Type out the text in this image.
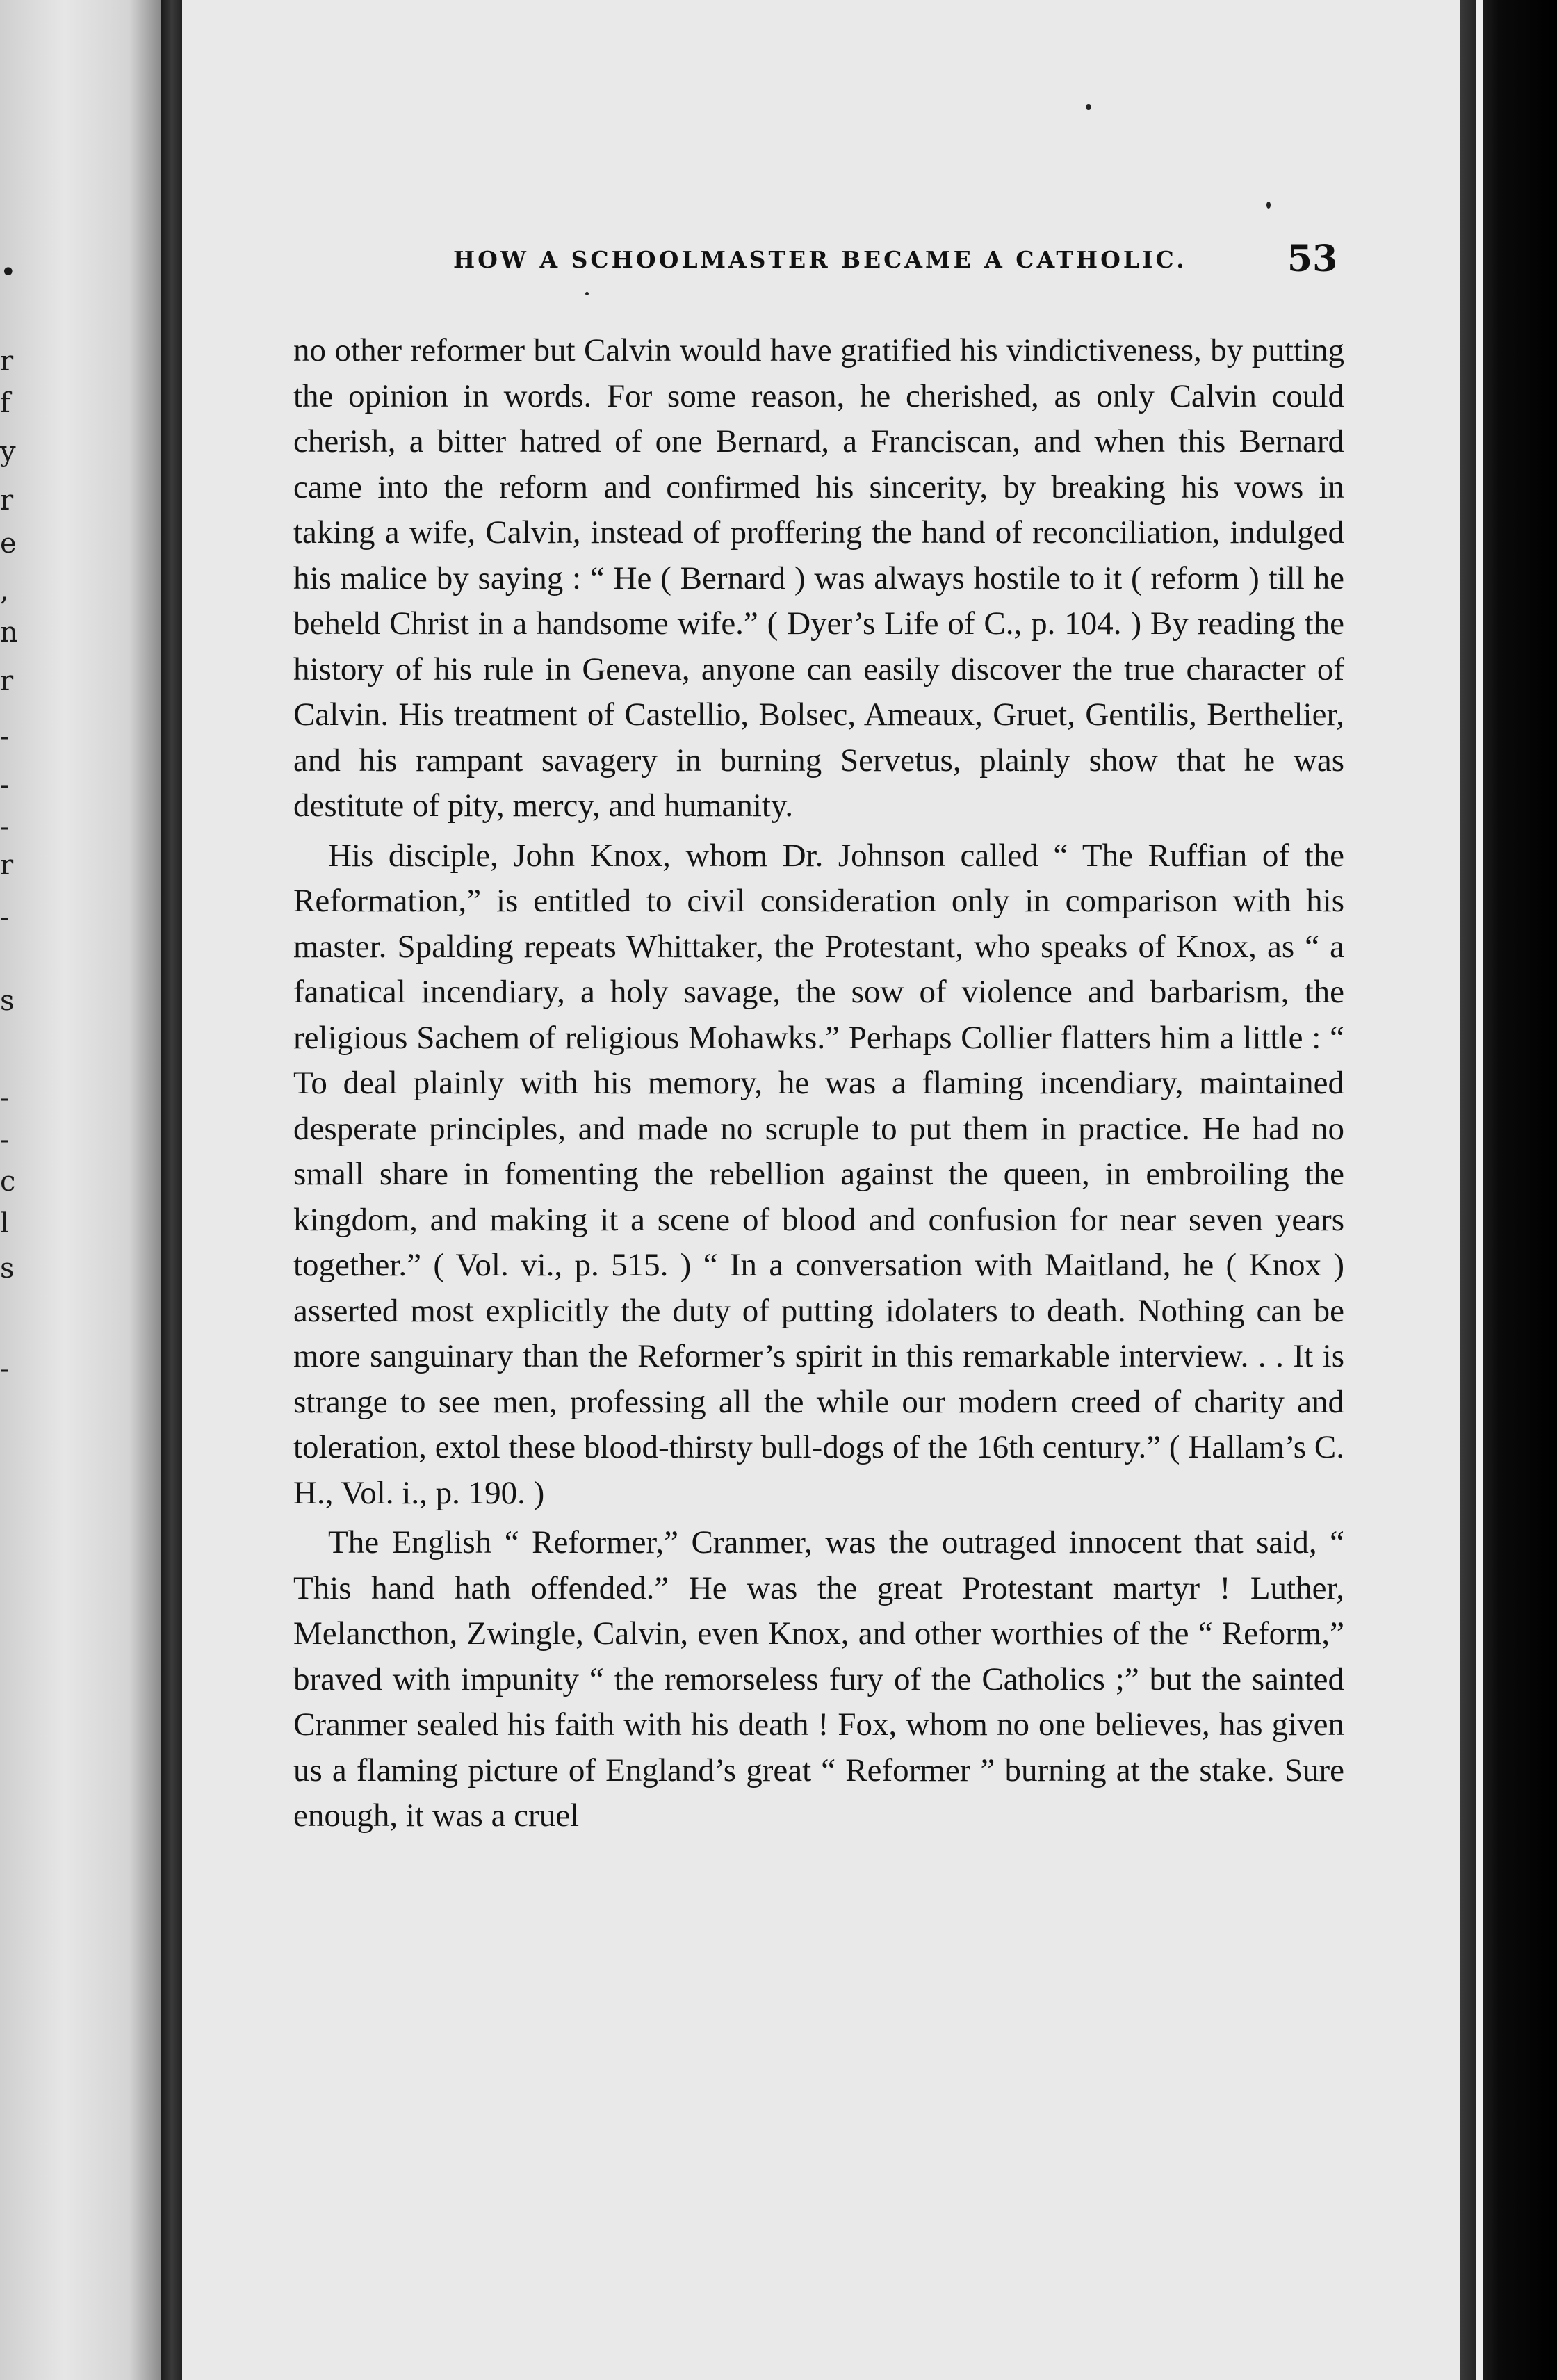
•
r
f
y
r
e
,
n
r
-
-
-
r
-
s
-
-
c
l
s
-
HOW A SCHOOLMASTER BECAME A CATHOLIC.	53

no other reformer but Calvin would have gratified his vindictiveness, by putting the opinion in words. For some reason, he cherished, as only Calvin could cherish, a bitter hatred of one Bernard, a Franciscan, and when this Bernard came into the reform and confirmed his sincerity, by breaking his vows in taking a wife, Calvin, instead of proffering the hand of reconciliation, indulged his malice by saying : “ He ( Bernard ) was always hostile to it ( reform ) till he beheld Christ in a handsome wife.” ( Dyer’s Life of C., p. 104. ) By reading the history of his rule in Geneva, anyone can easily discover the true character of Calvin. His treatment of Castellio, Bolsec, Ameaux, Gruet, Gentilis, Berthelier, and his rampant savagery in burning Servetus, plainly show that he was destitute of pity, mercy, and humanity.

His disciple, John Knox, whom Dr. Johnson called “ The Ruffian of the Reformation,” is entitled to civil consideration only in comparison with his master. Spalding repeats Whittaker, the Protestant, who speaks of Knox, as “ a fanatical incendiary, a holy savage, the sow of violence and barbarism, the religious Sachem of religious Mohawks.” Perhaps Collier flatters him a little : “ To deal plainly with his memory, he was a flaming incendiary, maintained desperate principles, and made no scruple to put them in practice. He had no small share in fomenting the rebellion against the queen, in embroiling the kingdom, and making it a scene of blood and confusion for near seven years together.” ( Vol. vi., p. 515. ) “ In a conversation with Maitland, he ( Knox ) asserted most explicitly the duty of putting idolaters to death. Nothing can be more sanguinary than the Reformer’s spirit in this remarkable interview. . . It is strange to see men, professing all the while our modern creed of charity and toleration, extol these blood-thirsty bull-dogs of the 16th century.” ( Hallam’s C. H., Vol. i., p. 190. )

The English “ Reformer,” Cranmer, was the outraged innocent that said, “ This hand hath offended.” He was the great Protestant martyr ! Luther, Melancthon, Zwingle, Calvin, even Knox, and other worthies of the “ Reform,” braved with impunity “ the remorseless fury of the Catholics ;” but the sainted Cranmer sealed his faith with his death ! Fox, whom no one believes, has given us a flaming picture of England’s great “ Reformer ” burning at the stake. Sure enough, it was a cruel
